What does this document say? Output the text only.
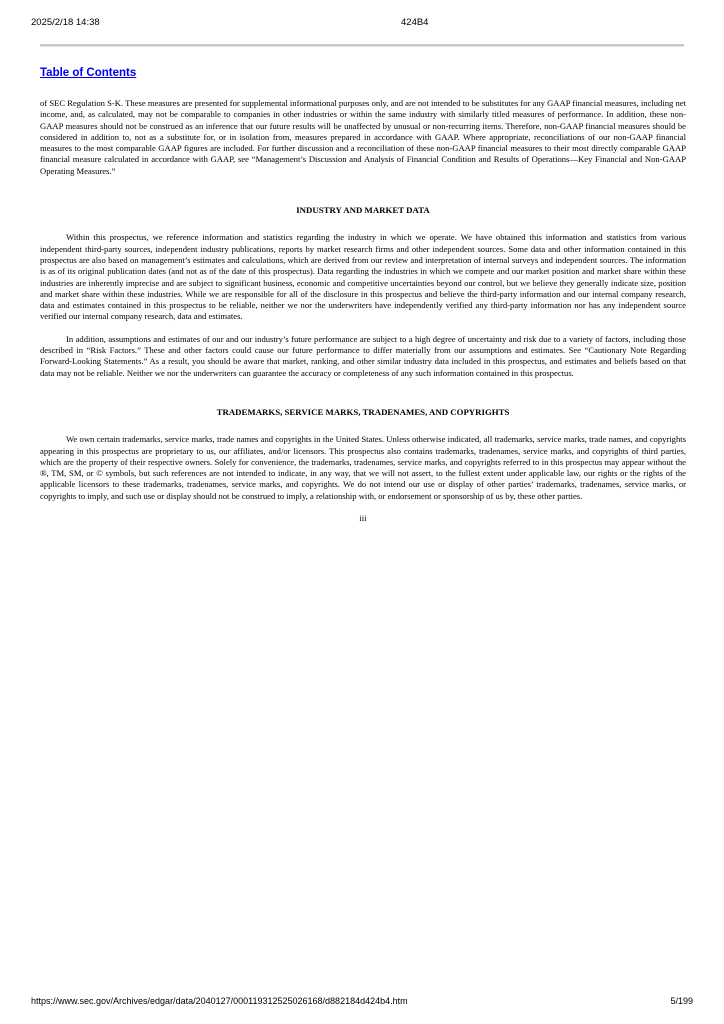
2025/2/18 14:38	424B4
Table of Contents

of SEC Regulation S-K. These measures are presented for supplemental informational purposes only, and are not intended to be substitutes for any GAAP financial measures, including net income, and, as calculated, may not be comparable to companies in other industries or within the same industry with similarly titled measures of performance. In addition, these non-GAAP measures should not be construed as an inference that our future results will be unaffected by unusual or non-recurring items. Therefore, non-GAAP financial measures should be considered in addition to, not as a substitute for, or in isolation from, measures prepared in accordance with GAAP. Where appropriate, reconciliations of our non-GAAP financial measures to the most comparable GAAP figures are included. For further discussion and a reconciliation of these non-GAAP financial measures to their most directly comparable GAAP financial measure calculated in accordance with GAAP, see “Management’s Discussion and Analysis of Financial Condition and Results of Operations—Key Financial and Non-GAAP Operating Measures.”

INDUSTRY AND MARKET DATA

Within this prospectus, we reference information and statistics regarding the industry in which we operate. We have obtained this information and statistics from various independent third-party sources, independent industry publications, reports by market research firms and other independent sources. Some data and other information contained in this prospectus are also based on management’s estimates and calculations, which are derived from our review and interpretation of internal surveys and independent sources. The information is as of its original publication dates (and not as of the date of this prospectus). Data regarding the industries in which we compete and our market position and market share within these industries are inherently imprecise and are subject to significant business, economic and competitive uncertainties beyond our control, but we believe they generally indicate size, position and market share within these industries. While we are responsible for all of the disclosure in this prospectus and believe the third-party information and our internal company research, data and estimates contained in this prospectus to be reliable, neither we nor the underwriters have independently verified any third-party information nor has any independent source verified our internal company research, data and estimates.

In addition, assumptions and estimates of our and our industry’s future performance are subject to a high degree of uncertainty and risk due to a variety of factors, including those described in “Risk Factors.” These and other factors could cause our future performance to differ materially from our assumptions and estimates. See “Cautionary Note Regarding Forward-Looking Statements.” As a result, you should be aware that market, ranking, and other similar industry data included in this prospectus, and estimates and beliefs based on that data may not be reliable. Neither we nor the underwriters can guarantee the accuracy or completeness of any such information contained in this prospectus.

TRADEMARKS, SERVICE MARKS, TRADENAMES, AND COPYRIGHTS

We own certain trademarks, service marks, trade names and copyrights in the United States. Unless otherwise indicated, all trademarks, service marks, trade names, and copyrights appearing in this prospectus are proprietary to us, our affiliates, and/or licensors. This prospectus also contains trademarks, tradenames, service marks, and copyrights of third parties, which are the property of their respective owners. Solely for convenience, the trademarks, tradenames, service marks, and copyrights referred to in this prospectus may appear without the ®, TM, SM, or © symbols, but such references are not intended to indicate, in any way, that we will not assert, to the fullest extent under applicable law, our rights or the rights of the applicable licensors to these trademarks, tradenames, service marks, and copyrights. We do not intend our use or display of other parties’ trademarks, tradenames, service marks, or copyrights to imply, and such use or display should not be construed to imply, a relationship with, or endorsement or sponsorship of us by, these other parties.

iii
https://www.sec.gov/Archives/edgar/data/2040127/000119312525026168/d882184d424b4.htm	5/199
